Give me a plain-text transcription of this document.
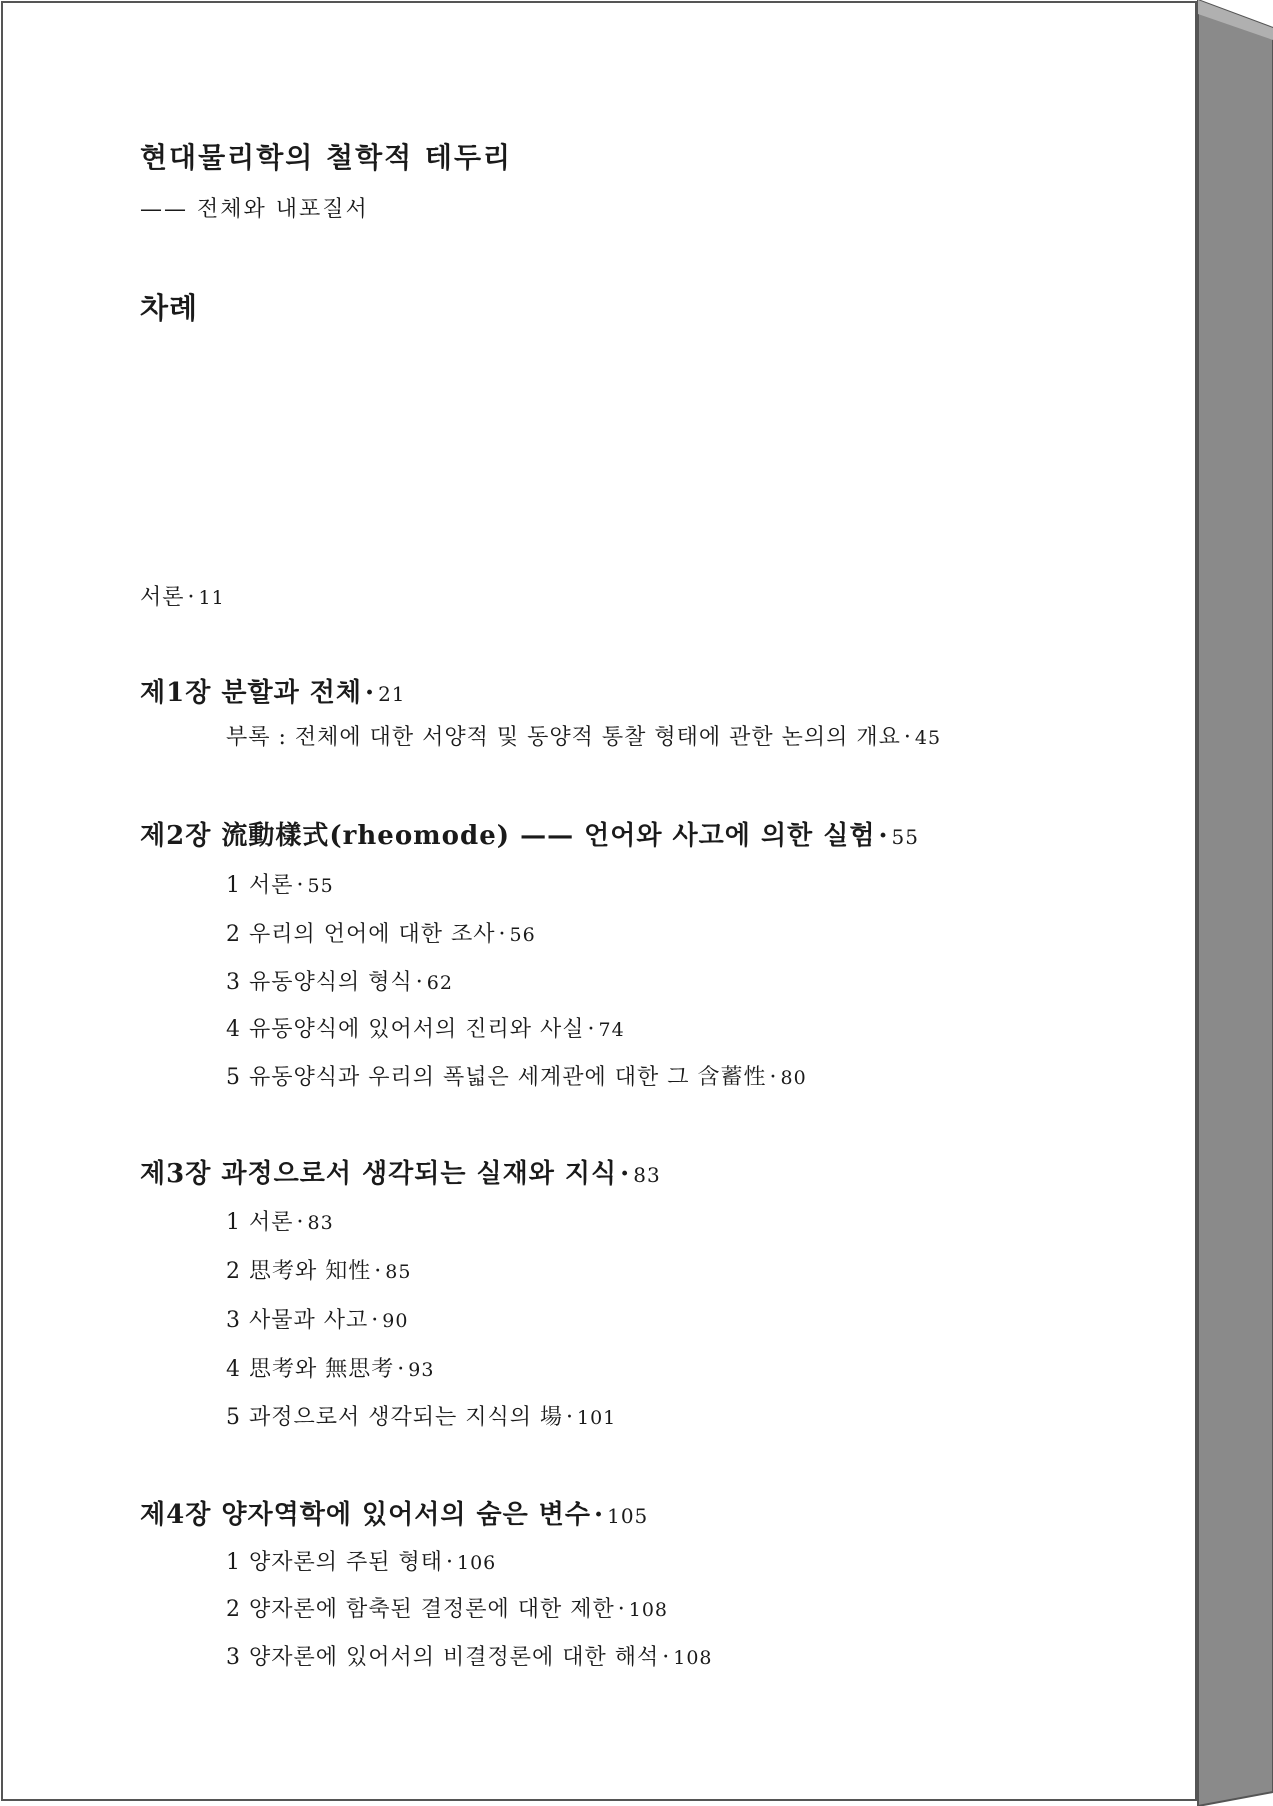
현대물리학의 철학적 테두리
—— 전체와 내포질서
차례
서론 · 11
제1장 분할과 전체 · 21
부록 : 전체에 대한 서양적 및 동양적 통찰 형태에 관한 논의의 개요 · 45
제2장 流動樣式(rheomode) —— 언어와 사고에 의한 실험 · 55
1 서론 · 55
2 우리의 언어에 대한 조사 · 56
3 유동양식의 형식 · 62
4 유동양식에 있어서의 진리와 사실 · 74
5 유동양식과 우리의 폭넓은 세계관에 대한 그 含蓄性 · 80
제3장 과정으로서 생각되는 실재와 지식 · 83
1 서론 · 83
2 思考와 知性 · 85
3 사물과 사고 · 90
4 思考와 無思考 · 93
5 과정으로서 생각되는 지식의 場 · 101
제4장 양자역학에 있어서의 숨은 변수 · 105
1 양자론의 주된 형태 · 106
2 양자론에 함축된 결정론에 대한 제한 · 108
3 양자론에 있어서의 비결정론에 대한 해석 · 108
